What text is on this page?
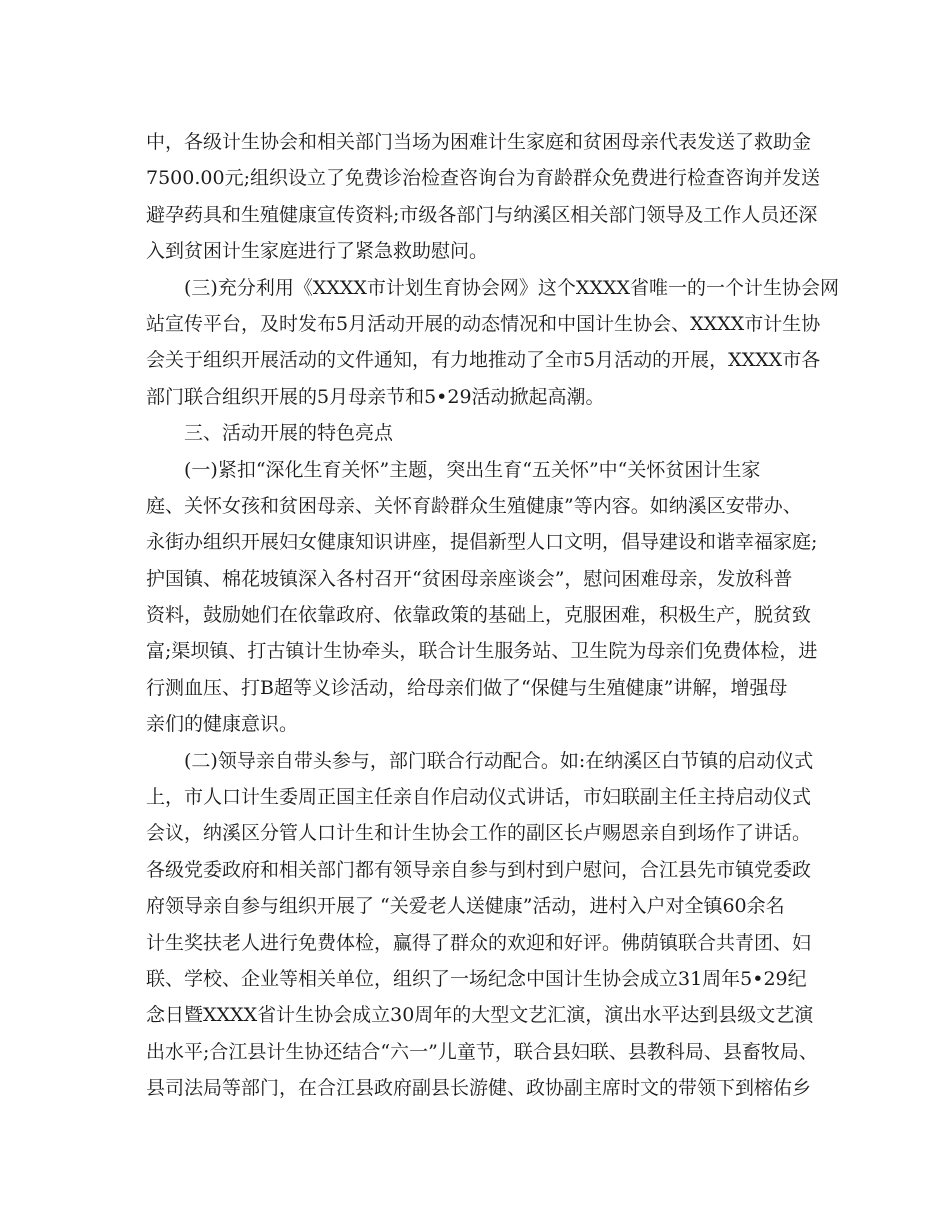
中，各级计生协会和相关部门当场为困难计生家庭和贫困母亲代表发送了救助金
7500.00元;组织设立了免费诊治检查咨询台为育龄群众免费进行检查咨询并发送
避孕药具和生殖健康宣传资料;市级各部门与纳溪区相关部门领导及工作人员还深
入到贫困计生家庭进行了紧急救助慰问。
(三)充分利用《XXXX市计划生育协会网》这个XXXX省唯一的一个计生协会网
站宣传平台，及时发布5月活动开展的动态情况和中国计生协会、XXXX市计生协
会关于组织开展活动的文件通知，有力地推动了全市5月活动的开展，XXXX市各
部门联合组织开展的5月母亲节和5•29活动掀起高潮。
三、活动开展的特色亮点
(一)紧扣“深化生育关怀”主题，突出生育“五关怀”中“关怀贫困计生家
庭、关怀女孩和贫困母亲、关怀育龄群众生殖健康”等内容。如纳溪区安带办、
永街办组织开展妇女健康知识讲座，提倡新型人口文明，倡导建设和谐幸福家庭;
护国镇、棉花坡镇深入各村召开“贫困母亲座谈会”，慰问困难母亲，发放科普
资料，鼓励她们在依靠政府、依靠政策的基础上，克服困难，积极生产，脱贫致
富;渠坝镇、打古镇计生协牵头，联合计生服务站、卫生院为母亲们免费体检，进
行测血压、打B超等义诊活动，给母亲们做了“保健与生殖健康”讲解，增强母
亲们的健康意识。
(二)领导亲自带头参与，部门联合行动配合。如:在纳溪区白节镇的启动仪式
上，市人口计生委周正国主任亲自作启动仪式讲话，市妇联副主任主持启动仪式
会议，纳溪区分管人口计生和计生协会工作的副区长卢赐恩亲自到场作了讲话。
各级党委政府和相关部门都有领导亲自参与到村到户慰问，合江县先市镇党委政
府领导亲自参与组织开展了 “关爱老人送健康”活动，进村入户对全镇60余名
计生奖扶老人进行免费体检，赢得了群众的欢迎和好评。佛荫镇联合共青团、妇
联、学校、企业等相关单位，组织了一场纪念中国计生协会成立31周年5•29纪
念日暨XXXX省计生协会成立30周年的大型文艺汇演，演出水平达到县级文艺演
出水平;合江县计生协还结合“六一”儿童节，联合县妇联、县教科局、县畜牧局、
县司法局等部门，在合江县政府副县长游健、政协副主席时文的带领下到榕佑乡
